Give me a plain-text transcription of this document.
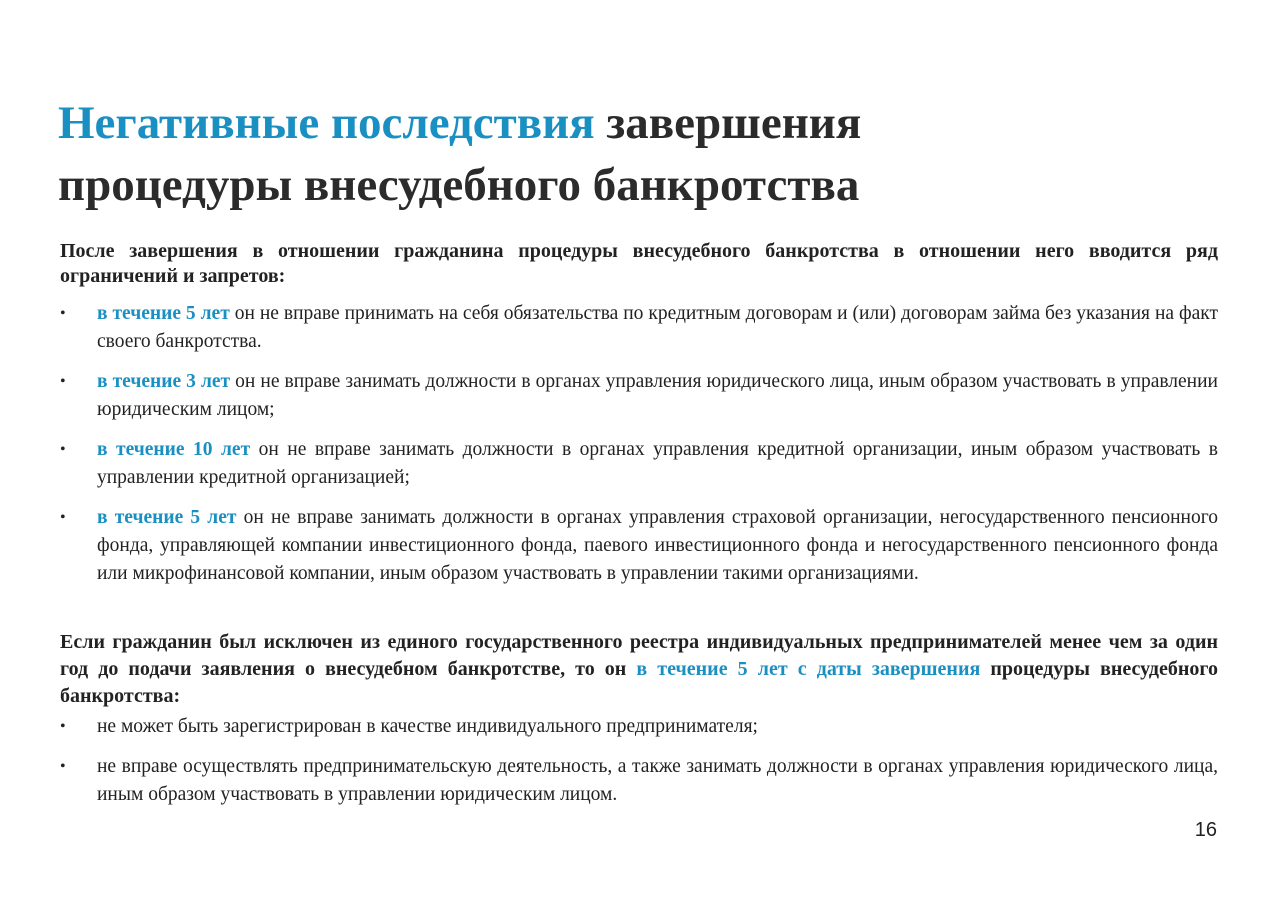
Негативные последствия завершения процедуры внесудебного банкротства

После завершения в отношении гражданина процедуры внесудебного банкротства в отношении него вводится ряд ограничений и запретов:

• в течение 5 лет он не вправе принимать на себя обязательства по кредитным договорам и (или) договорам займа без указания на факт своего банкротства.
• в течение 3 лет он не вправе занимать должности в органах управления юридического лица, иным образом участвовать в управлении юридическим лицом;
• в течение 10 лет он не вправе занимать должности в органах управления кредитной организации, иным образом участвовать в управлении кредитной организацией;
• в течение 5 лет он не вправе занимать должности в органах управления страховой организации, негосударственного пенсионного фонда, управляющей компании инвестиционного фонда, паевого инвестиционного фонда и негосударственного пенсионного фонда или микрофинансовой компании, иным образом участвовать в управлении такими организациями.

Если гражданин был исключен из единого государственного реестра индивидуальных предпринимателей менее чем за один год до подачи заявления о внесудебном банкротстве, то он в течение 5 лет с даты завершения процедуры внесудебного банкротства:

• не может быть зарегистрирован в качестве индивидуального предпринимателя;
• не вправе осуществлять предпринимательскую деятельность, а также занимать должности в органах управления юридического лица, иным образом участвовать в управлении юридическим лицом.
16
